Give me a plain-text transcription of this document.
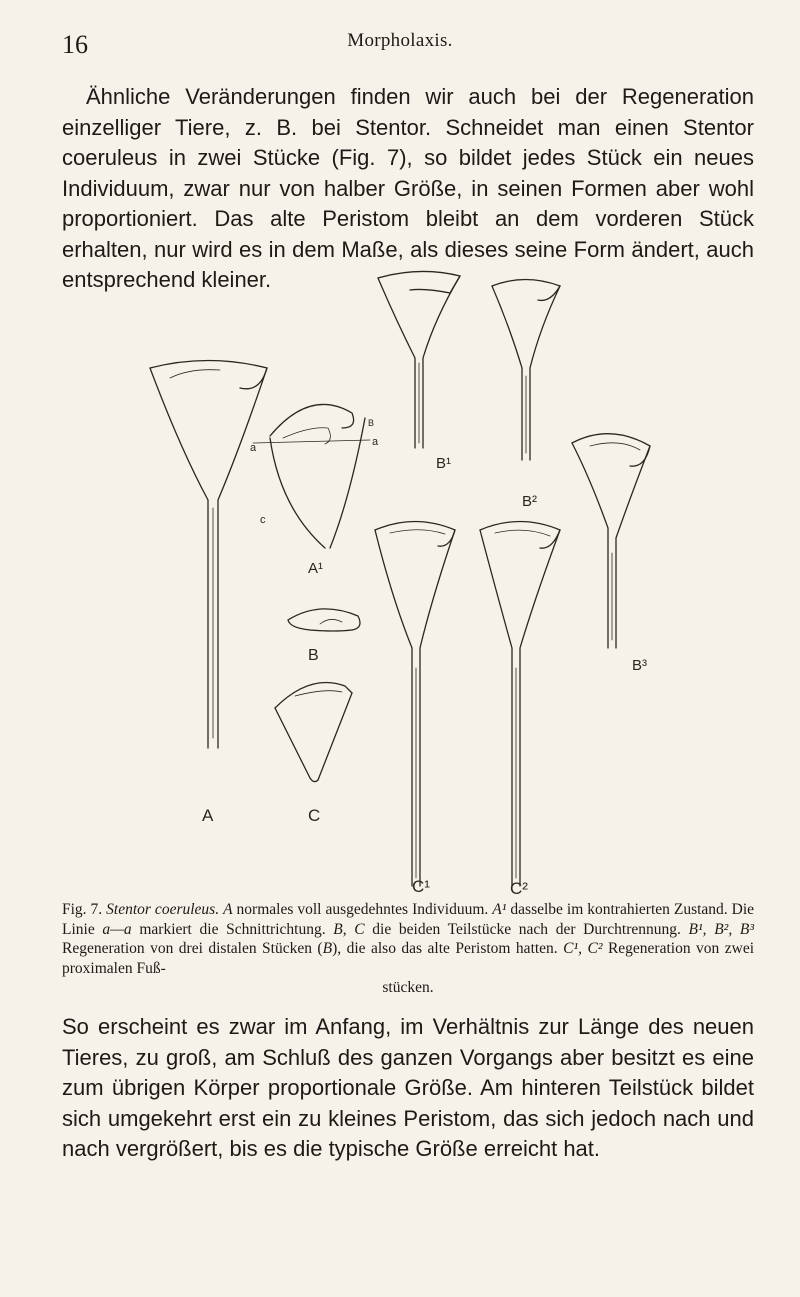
16	Morpholaxis.

Ähnliche Veränderungen finden wir auch bei der Regeneration einzelliger Tiere, z. B. bei Stentor. Schneidet man einen Stentor coeruleus in zwei Stücke (Fig. 7), so bildet jedes Stück ein neues Individuum, zwar nur von halber Größe, in seinen Formen aber wohl proportioniert. Das alte Peristom bleibt an dem vorderen Stück erhalten, nur wird es in dem Maße, als dieses seine Form ändert, auch entsprechend kleiner.

a	a
B
c
A¹
B
A	C
B¹
B²
B³
C¹	C²

Fig. 7. Stentor coeruleus. A normales voll ausgedehntes Individuum. A¹ dasselbe im kontrahierten Zustand. Die Linie a—a markiert die Schnittrichtung. B, C die beiden Teilstücke nach der Durchtrennung. B¹, B², B³ Regeneration von drei distalen Stücken (B), die also das alte Peristom hatten. C¹, C² Regeneration von zwei proximalen Fuß-
stücken.

So erscheint es zwar im Anfang, im Verhältnis zur Länge des neuen Tieres, zu groß, am Schluß des ganzen Vorgangs aber besitzt es eine zum übrigen Körper proportionale Größe. Am hinteren Teilstück bildet sich umgekehrt erst ein zu kleines Peristom, das sich jedoch nach und nach vergrößert, bis es die typische Größe erreicht hat.
